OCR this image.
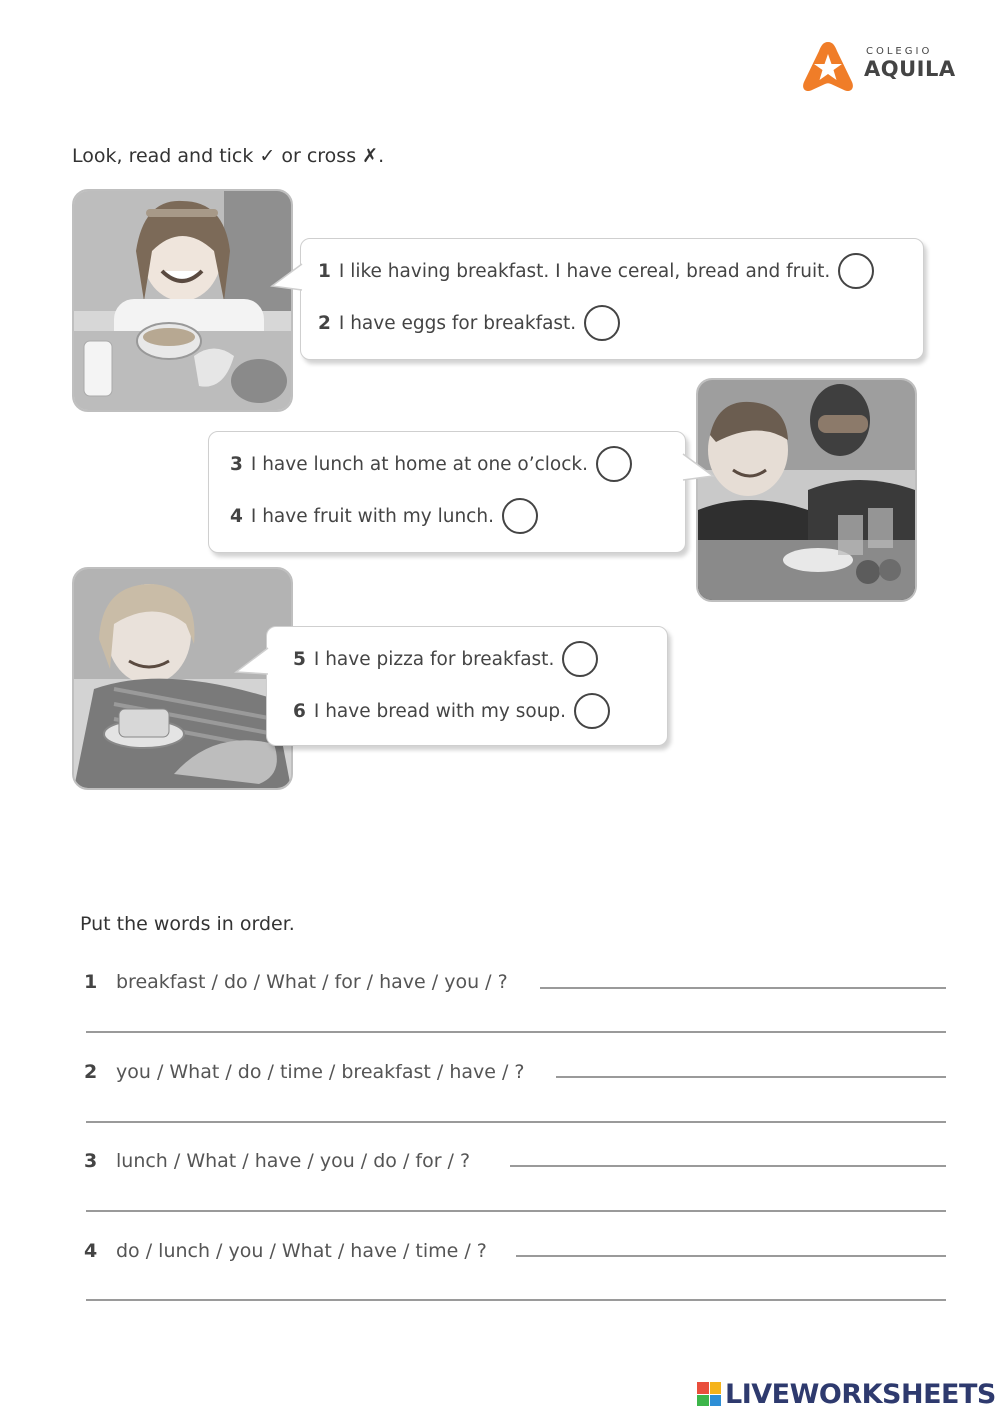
COLEGIO
AQUILA
Look, read and tick ✓ or cross ✗.
1 I like having breakfast. I have cereal, bread and fruit.
2 I have eggs for breakfast.
3 I have lunch at home at one o’clock.
4 I have fruit with my lunch.
5 I have pizza for breakfast.
6 I have bread with my soup.
Put the words in order.
1 breakfast / do / What / for / have / you / ?
2 you / What / do / time / breakfast / have / ?
3 lunch / What / have / you / do / for / ?
4 do / lunch / you / What / have / time / ?
LIVEWORKSHEETS
